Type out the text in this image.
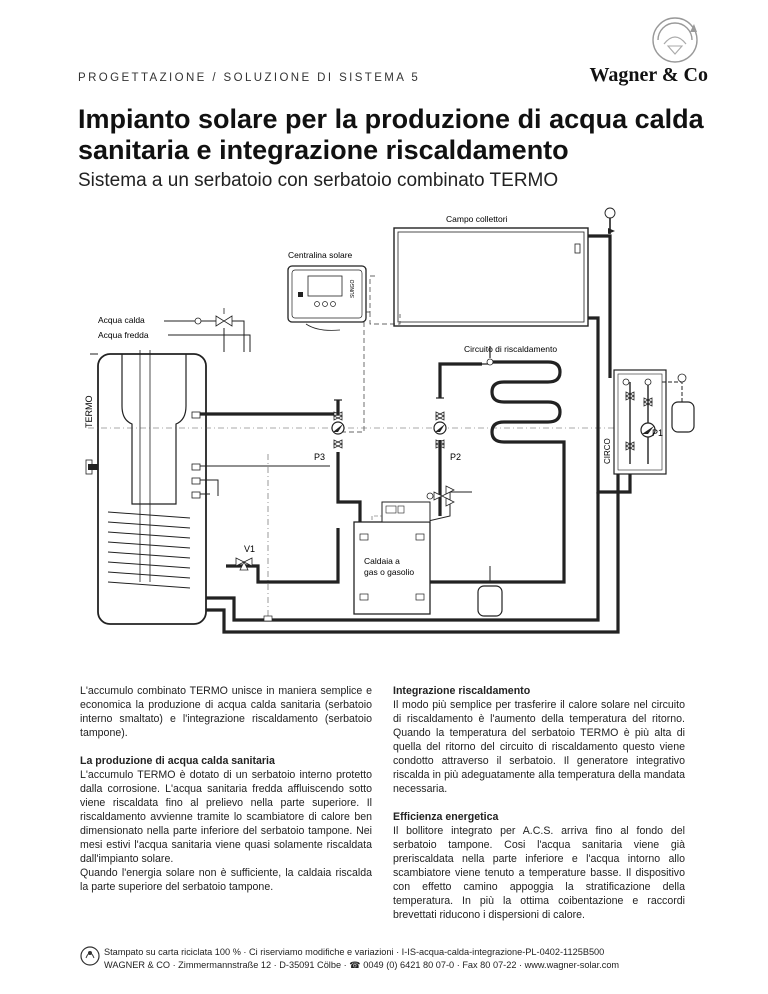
PROGETTAZIONE / SOLUZIONE DI SISTEMA 5	Wagner & Co
Impianto solare per la produzione di acqua calda sanitaria e integrazione riscaldamento
Sistema a un serbatoio con serbatoio combinato TERMO
Campo collettori
SUNGO
Centralina solare
Acqua calda
Acqua fredda
TERMO
Circuito di riscaldamento
CIRCO
P1
P3	P2
Caldaia a gas o gasolio
V1

L'accumulo combinato TERMO unisce in maniera semplice e economica la produzione di acqua calda sanitaria (serbatoio interno smaltato) e l'integrazione riscaldamento (serbatoio tampone).

La produzione di acqua calda sanitaria

L'accumulo TERMO è dotato di un serbatoio interno protetto dalla corrosione. L'acqua sanitaria fredda affluiscendo sotto viene riscaldata fino al prelievo nella parte superiore. Il riscaldamento avvienne tramite lo scambiatore di calore ben dimensionato nella parte inferiore del serbatoio tampone. Nei mesi estivi l'acqua sanitaria viene quasi solamente riscaldata dall'impianto solare.

Quando l'energia solare non è sufficiente, la caldaia riscalda la parte superiore del serbatoio tampone.

Integrazione riscaldamento

Il modo più semplice per trasferire il calore solare nel circuito di riscaldamento è l'aumento della temperatura del ritorno. Quando la temperatura del serbatoio TERMO è più alta di quella del ritorno del circuito di riscaldamento questo viene condotto attraverso il serbatoio. Il generatore integrativo riscalda in più adeguatamente alla temperatura della mandata necessaria.

Efficienza energetica

Il bollitore integrato per A.C.S. arriva fino al fondo del serbatoio tampone. Cosi l'acqua sanitaria viene già preriscaldata nella parte inferiore e l'acqua intorno allo scambiatore viene tenuto a temperature basse. Il dispositivo con effetto camino appoggia la stratificazione della temperatura. In più la ottima coibentazione e raccordi brevettati riducono i dispersioni di calore.

Stampato su carta riciclata 100 % · Ci riserviamo modifiche e variazioni · I-IS-acqua-calda-integrazione-PL-0402-1125B500
WAGNER & CO · Zimmermannstraße 12 · D-35091 Cölbe · ☎ 0049 (0) 6421 80 07-0 · Fax 80 07-22 · www.wagner-solar.com
